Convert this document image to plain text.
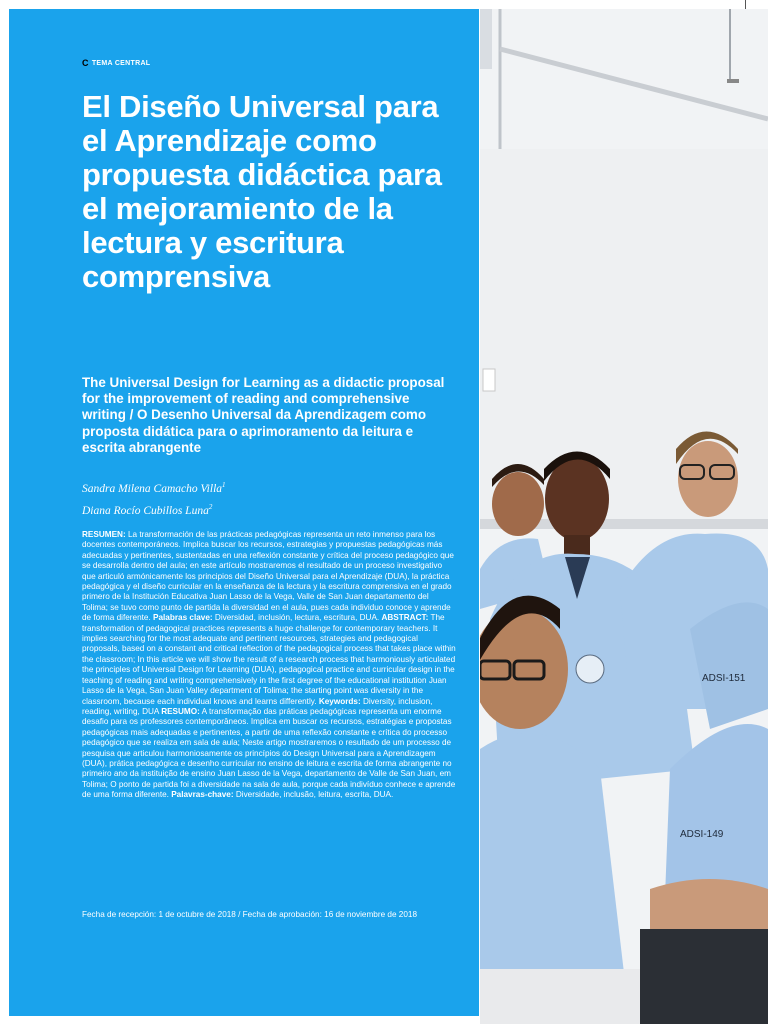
C TEMA CENTRAL
El Diseño Universal para el Aprendizaje como propuesta didáctica para el mejoramiento de la lectura y escritura comprensiva

The Universal Design for Learning as a didactic proposal for the improvement of reading and comprehensive writing / O Desenho Universal da Aprendizagem como proposta didática para o aprimoramento da leitura e escrita abrangente

Sandra Milena Camacho Villa$^1$
Diana Rocío Cubillos Luna$^2$

RESUMEN: La transformación de las prácticas pedagógicas representa un reto inmenso para los docentes contemporáneos. Implica buscar los recursos, estrategias y propuestas pedagógicas más adecuadas y pertinentes, sustentadas en una reflexión constante y crítica del proceso pedagógico que se desarrolla dentro del aula; en este artículo mostraremos el resultado de un proceso investigativo que articuló armónicamente los principios del Diseño Universal para el Aprendizaje (DUA), la práctica pedagógica y el diseño curricular en la enseñanza de la lectura y la escritura comprensiva en el grado primero de la Institución Educativa Juan Lasso de la Vega, Valle de San Juan departamento del Tolima; se tuvo como punto de partida la diversidad en el aula, pues cada individuo conoce y aprende de forma diferente. Palabras clave: Diversidad, inclusión, lectura, escritura, DUA. ABSTRACT: The transformation of pedagogical practices represents a huge challenge for contemporary teachers. It implies searching for the most adequate and pertinent resources, strategies and pedagogical proposals, based on a constant and critical reflection of the pedagogical process that takes place within the classroom; In this article we will show the result of a research process that harmoniously articulated the principles of Universal Design for Learning (DUA), pedagogical practice and curricular design in the teaching of reading and writing comprehensively in the first degree of the educational institution Juan Lasso de la Vega, San Juan Valley department of Tolima; the starting point was diversity in the classroom, because each individual knows and learns differently. Keywords: Diversity, inclusion, reading, writing, DUA RESUMO: A transformação das práticas pedagógicas representa um enorme desafio para os professores contemporâneos. Implica em buscar os recursos, estratégias e propostas pedagógicas mais adequadas e pertinentes, a partir de uma reflexão constante e crítica do processo pedagógico que se realiza em sala de aula; Neste artigo mostraremos o resultado de um processo de pesquisa que articulou harmoniosamente os princípios do Design Universal para a Aprendizagem (DUA), prática pedagógica e desenho curricular no ensino de leitura e escrita de forma abrangente no primeiro ano da instituição de ensino Juan Lasso de la Vega, departamento de Valle de San Juan, em Tolima; O ponto de partida foi a diversidade na sala de aula, porque cada indivíduo conhece e aprende de uma forma diferente. Palavras-chave: Diversidade, inclusão, leitura, escrita, DUA.

Fecha de recepción: 1 de octubre de 2018 / Fecha de aprobación: 16 de noviembre de 2018
ADSI-151
ADSI-149
